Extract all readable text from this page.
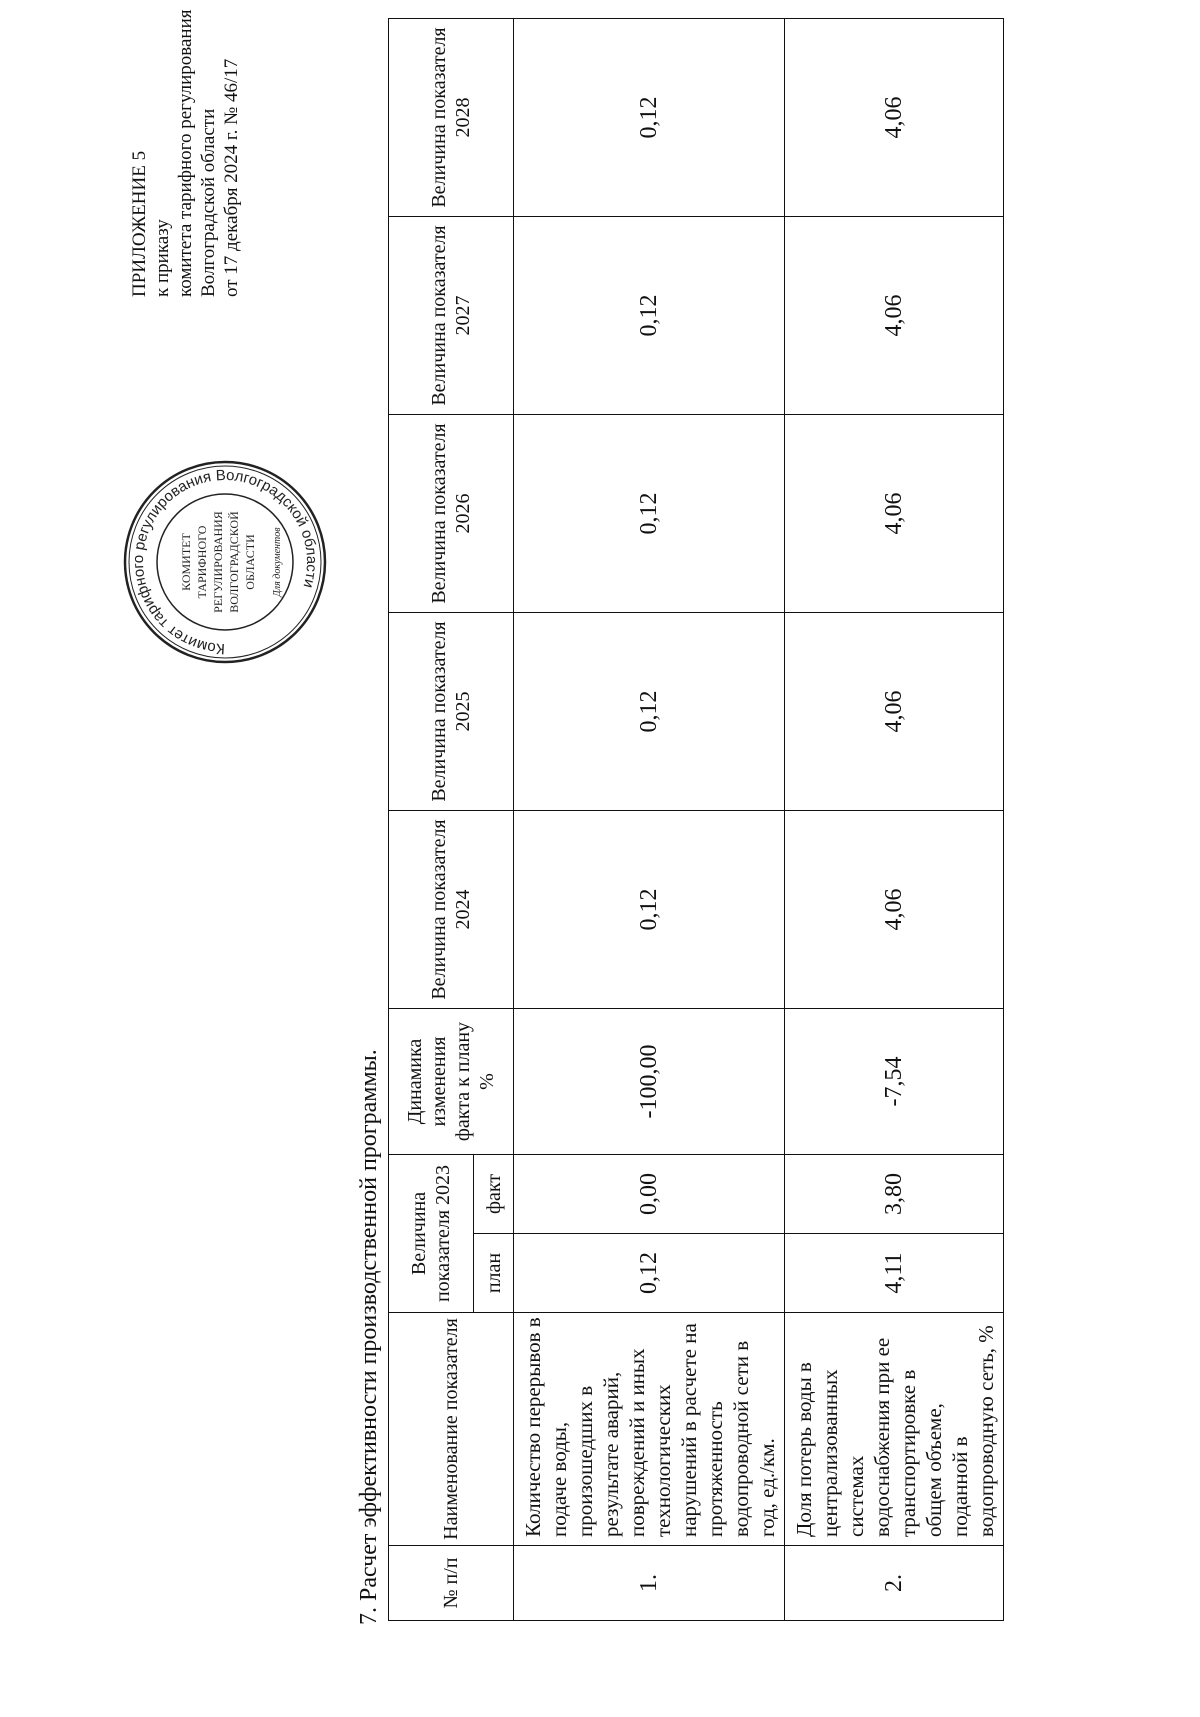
ПРИЛОЖЕНИЕ 5 к приказу комитета тарифного регулирования Волгоградской области от 17 декабря 2024 г. № 46/17
Комитет тарифного регулирования Волгоградской области
КОМИТЕТ ТАРИФНОГО РЕГУЛИРОВАНИЯ ВОЛГОГРАДСКОЙ ОБЛАСТИ Для документов
7. Расчет эффективности производственной программы.	№ п/п	Наименование показателя	Величина показателя 2023		Динамика изменения факта к плану %	Величина показателя 2024	Величина показателя 2025	Величина показателя 2026	Величина показателя 2027	Величина показателя 2028
		план	факт						
1.	Количество перерывов в подаче воды, произошедших в результате аварий, повреждений и иных технологических нарушений в расчете на протяженность водопроводной сети в год, ед./км.	0,12	0,00	-100,00	0,12	0,12	0,12	0,12	0,12
2.	Доля потерь воды в централизованных системах водоснабжения при ее транспортировке в общем объеме, поданной в водопроводную сеть, %	4,11	3,80	-7,54	4,06	4,06	4,06	4,06	4,06
